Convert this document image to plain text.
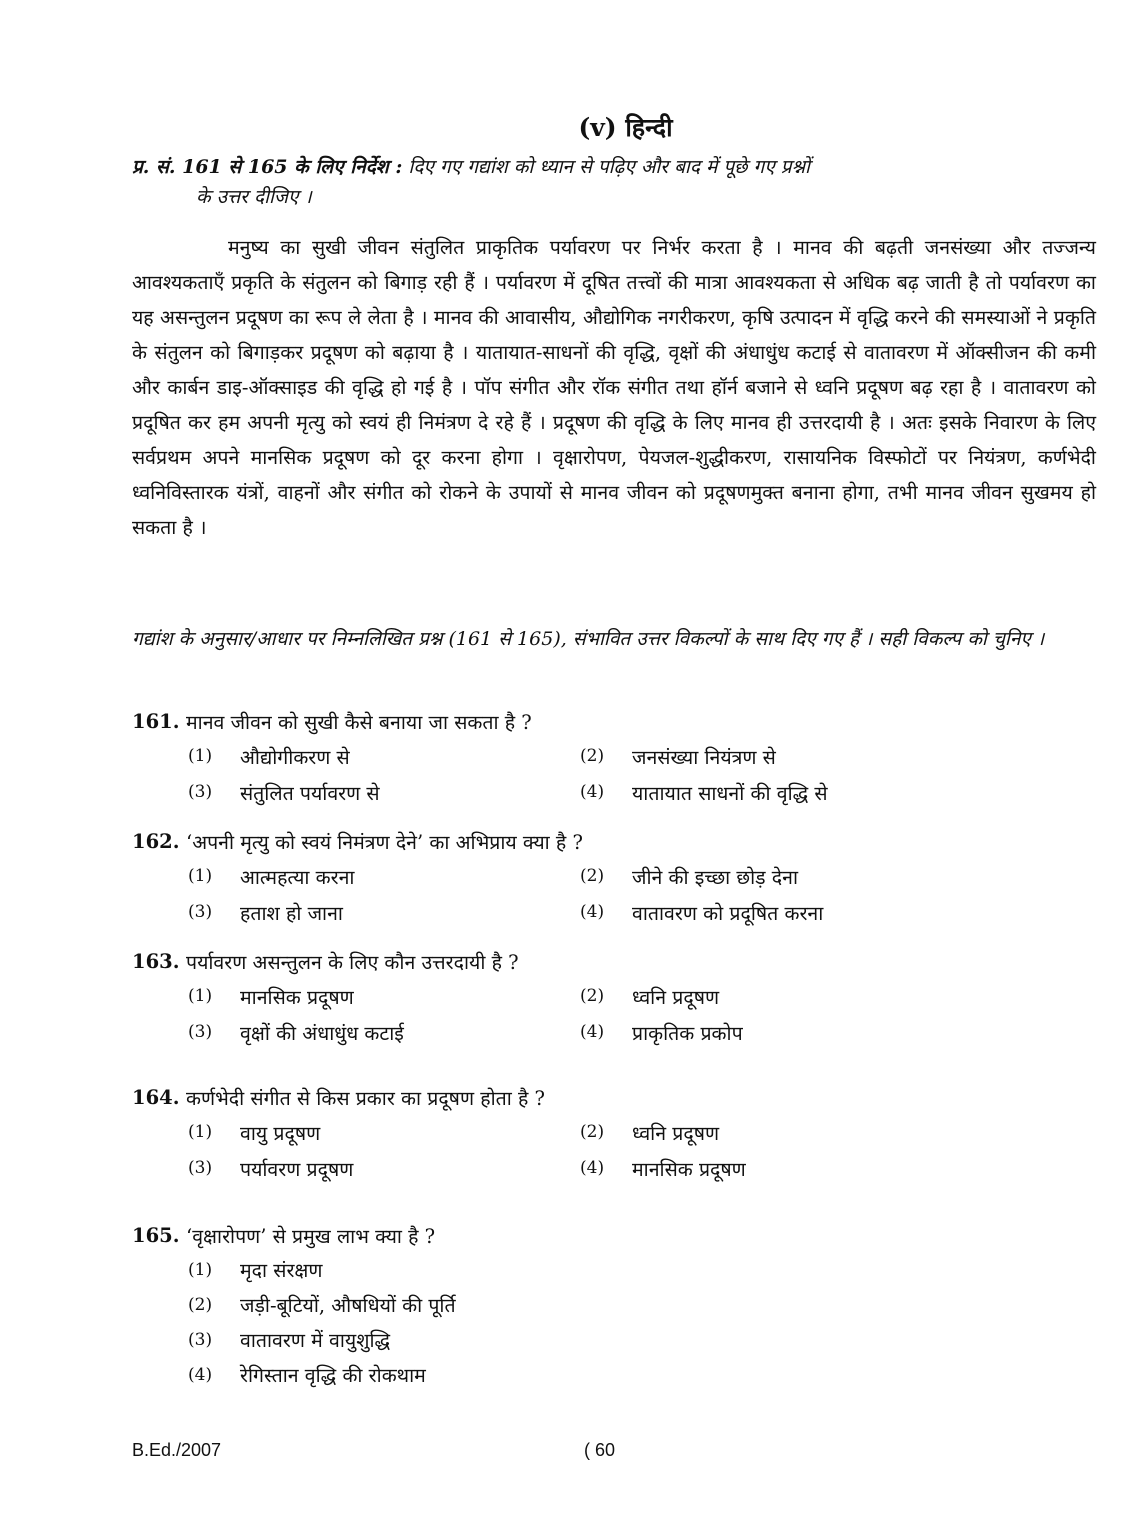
(v) हिन्दी
प्र. सं. 161 से 165 के लिए निर्देश : दिए गए गद्यांश को ध्यान से पढ़िए और बाद में पूछे गए प्रश्नों
के उत्तर दीजिए ।
मनुष्य का सुखी जीवन संतुलित प्राकृतिक पर्यावरण पर निर्भर करता है । मानव की बढ़ती जनसंख्या और तज्जन्य आवश्यकताएँ प्रकृति के संतुलन को बिगाड़ रही हैं । पर्यावरण में दूषित तत्त्वों की मात्रा आवश्यकता से अधिक बढ़ जाती है तो पर्यावरण का यह असन्तुलन प्रदूषण का रूप ले लेता है । मानव की आवासीय, औद्योगिक नगरीकरण, कृषि उत्पादन में वृद्धि करने की समस्याओं ने प्रकृति के संतुलन को बिगाड़कर प्रदूषण को बढ़ाया है । यातायात-साधनों की वृद्धि, वृक्षों की अंधाधुंध कटाई से वातावरण में ऑक्सीजन की कमी और कार्बन डाइ-ऑक्साइड की वृद्धि हो गई है । पॉप संगीत और रॉक संगीत तथा हॉर्न बजाने से ध्वनि प्रदूषण बढ़ रहा है । वातावरण को प्रदूषित कर हम अपनी मृत्यु को स्वयं ही निमंत्रण दे रहे हैं । प्रदूषण की वृद्धि के लिए मानव ही उत्तरदायी है । अतः इसके निवारण के लिए सर्वप्रथम अपने मानसिक प्रदूषण को दूर करना होगा । वृक्षारोपण, पेयजल-शुद्धीकरण, रासायनिक विस्फोटों पर नियंत्रण, कर्णभेदी ध्वनिविस्तारक यंत्रों, वाहनों और संगीत को रोकने के उपायों से मानव जीवन को प्रदूषणमुक्त बनाना होगा, तभी मानव जीवन सुखमय हो सकता है ।
गद्यांश के अनुसार/आधार पर निम्नलिखित प्रश्न (161 से 165), संभावित उत्तर विकल्पों के साथ दिए गए हैं । सही विकल्प को चुनिए ।
161. मानव जीवन को सुखी कैसे बनाया जा सकता है ?
(1)	औद्योगीकरण से	(2)	जनसंख्या नियंत्रण से
(3)	संतुलित पर्यावरण से	(4)	यातायात साधनों की वृद्धि से
162. ‘अपनी मृत्यु को स्वयं निमंत्रण देने’ का अभिप्राय क्या है ?
(1)	आत्महत्या करना	(2)	जीने की इच्छा छोड़ देना
(3)	हताश हो जाना	(4)	वातावरण को प्रदूषित करना
163. पर्यावरण असन्तुलन के लिए कौन उत्तरदायी है ?
(1)	मानसिक प्रदूषण	(2)	ध्वनि प्रदूषण
(3)	वृक्षों की अंधाधुंध कटाई	(4)	प्राकृतिक प्रकोप
164. कर्णभेदी संगीत से किस प्रकार का प्रदूषण होता है ?
(1)	वायु प्रदूषण	(2)	ध्वनि प्रदूषण
(3)	पर्यावरण प्रदूषण	(4)	मानसिक प्रदूषण
165. ‘वृक्षारोपण’ से प्रमुख लाभ क्या है ?
(1)	मृदा संरक्षण
(2)	जड़ी-बूटियों, औषधियों की पूर्ति
(3)	वातावरण में वायुशुद्धि
(4)	रेगिस्तान वृद्धि की रोकथाम
B.Ed./2007	( 60
